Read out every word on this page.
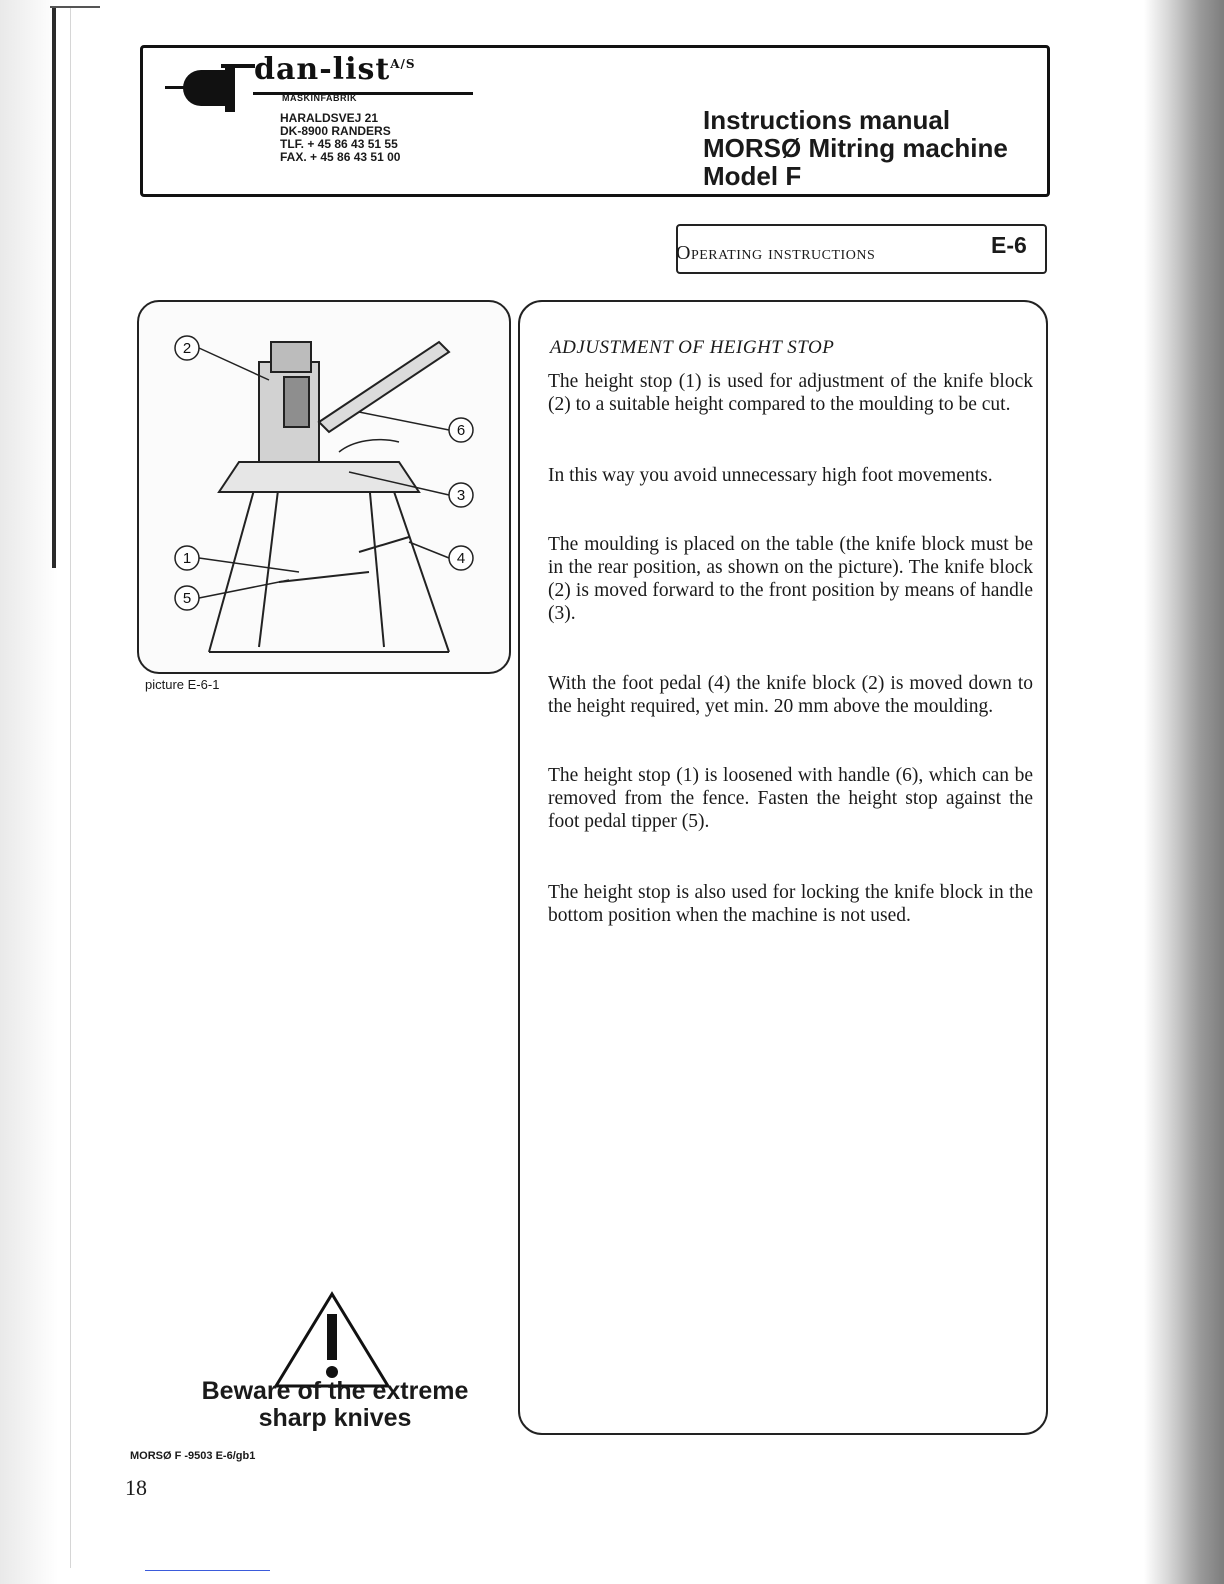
dan-list$^{A/S}$
MASKINFABRIK
HARALDSVEJ 21
DK-8900 RANDERS
TLF. + 45 86 43 51 55
FAX. + 45 86 43 51 00
Instructions manual
MORSØ Mitring machine
Model F
Operating instructions	E-6
2
6
3
1	4
5
picture E-6-1
ADJUSTMENT OF HEIGHT STOP

The height stop (1) is used for adjustment of the knife block (2) to a suitable height compared to the moulding to be cut.

In this way you avoid unnecessary high foot movements.

The moulding is placed on the table (the knife block must be in the rear position, as shown on the picture). The knife block (2) is moved forward to the front position by means of handle (3).

With the foot pedal (4) the knife block (2) is moved down to the height required, yet min. 20 mm above the moulding.

The height stop (1) is loosened with handle (6), which can be removed from the fence. Fasten the height stop against the foot pedal tipper (5).

The height stop is also used for locking the knife block in the bottom position when the machine is not used.

Beware of the extreme
sharp knives
MORSØ F -9503 E-6/gb1
18
